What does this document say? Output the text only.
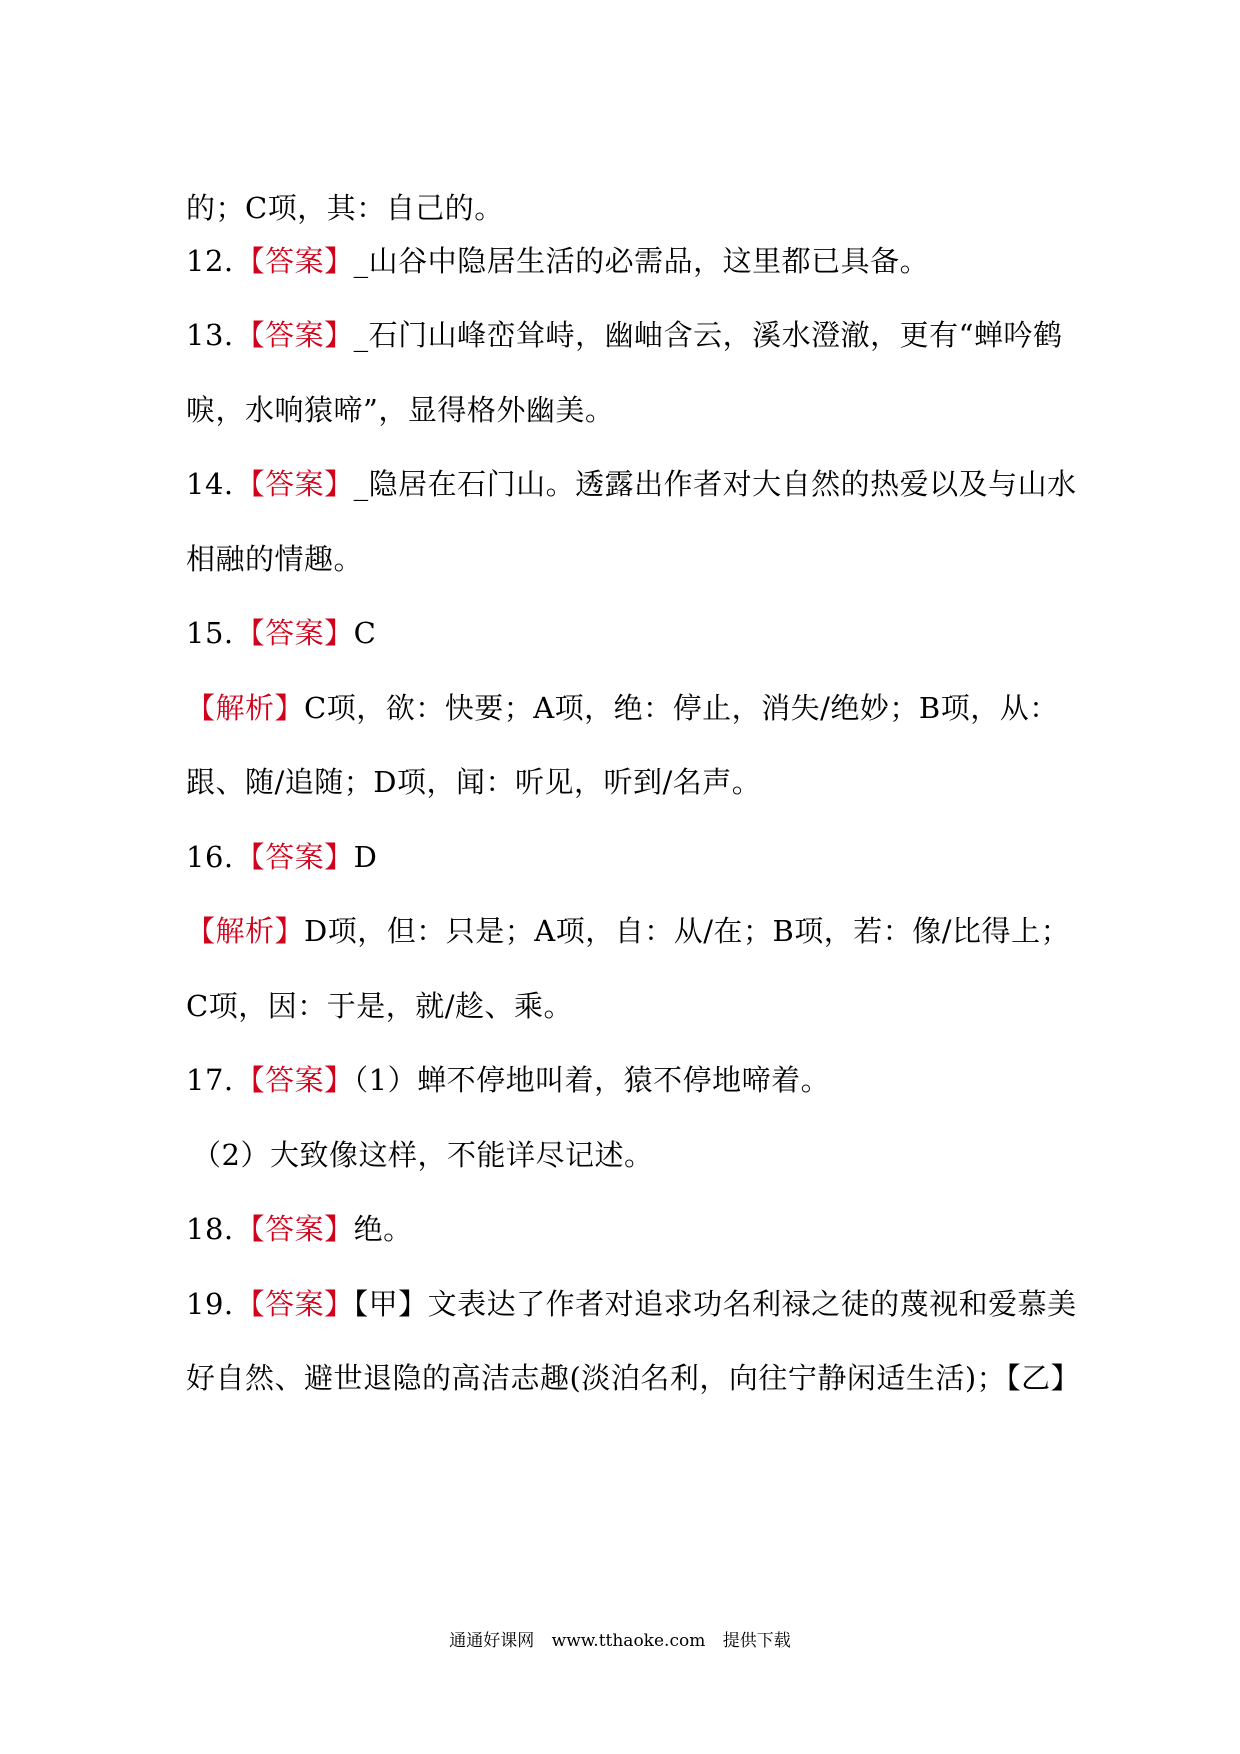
的；C项，其：自己的。
12.【答案】_山谷中隐居生活的必需品，这里都已具备。
13.【答案】_石门山峰峦耸峙，幽岫含云，溪水澄澈，更有“蝉吟鹤
唳，水响猿啼”，显得格外幽美。
14.【答案】_隐居在石门山。透露出作者对大自然的热爱以及与山水
相融的情趣。
15.【答案】C
【解析】C项，欲：快要；A项，绝：停止，消失/绝妙；B项，从：
跟、随/追随；D项，闻：听见，听到/名声。
16.【答案】D
【解析】D项，但：只是；A项，自：从/在；B项，若：像/比得上；
C项，因：于是，就/趁、乘。
17.【答案】（1）蝉不停地叫着，猿不停地啼着。
（2）大致像这样，不能详尽记述。
18.【答案】绝。
19.【答案】【甲】文表达了作者对追求功名利禄之徒的蔑视和爱慕美
好自然、避世退隐的高洁志趣(淡泊名利，向往宁静闲适生活)；【乙】
通通好课网 www.tthaoke.com 提供下载
